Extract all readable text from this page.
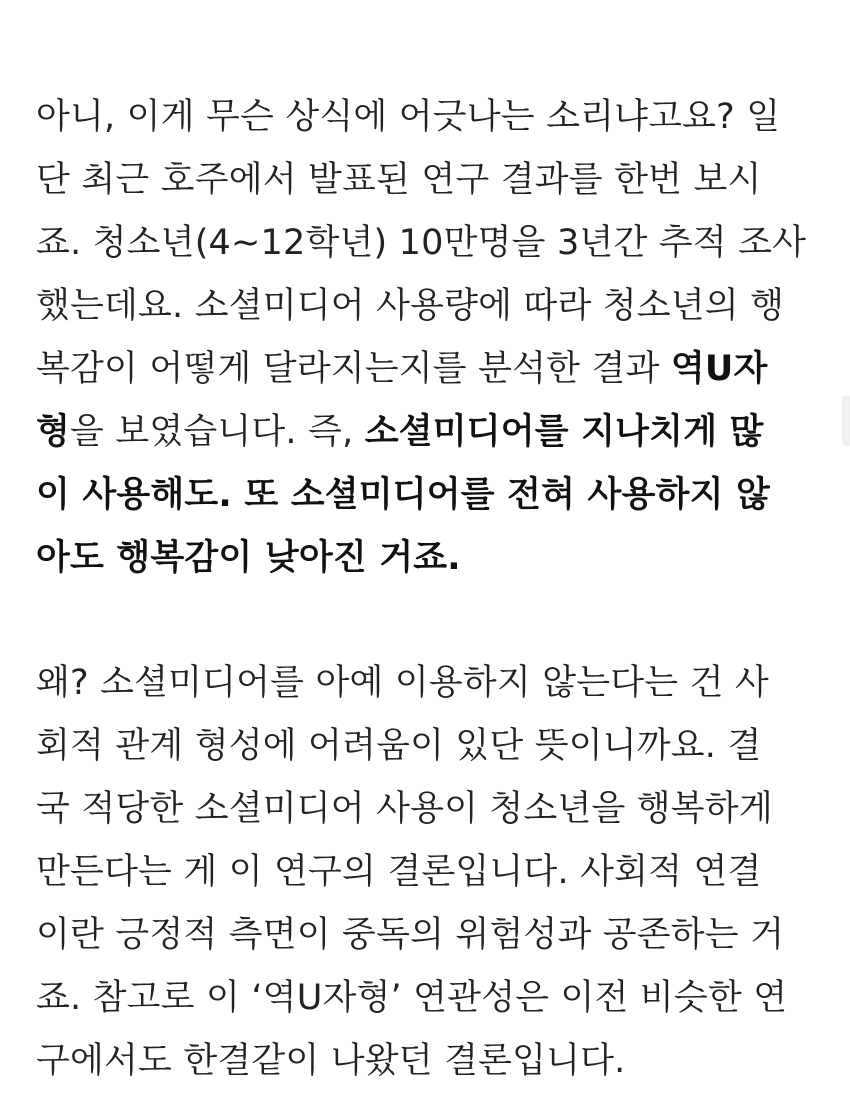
아니, 이게 무슨 상식에 어긋나는 소리냐고요? 일
단 최근 호주에서 발표된 연구 결과를 한번 보시
죠. 청소년(4~12학년) 10만명을 3년간 추적 조사
했는데요. 소셜미디어 사용량에 따라 청소년의 행
복감이 어떻게 달라지는지를 분석한 결과 역U자
형을 보였습니다. 즉, 소셜미디어를 지나치게 많
이 사용해도. 또 소셜미디어를 전혀 사용하지 않
아도 행복감이 낮아진 거죠.

왜? 소셜미디어를 아예 이용하지 않는다는 건 사
회적 관계 형성에 어려움이 있단 뜻이니까요. 결
국 적당한 소셜미디어 사용이 청소년을 행복하게
만든다는 게 이 연구의 결론입니다. 사회적 연결
이란 긍정적 측면이 중독의 위험성과 공존하는 거
죠. 참고로 이 ‘역U자형’ 연관성은 이전 비슷한 연
구에서도 한결같이 나왔던 결론입니다.
